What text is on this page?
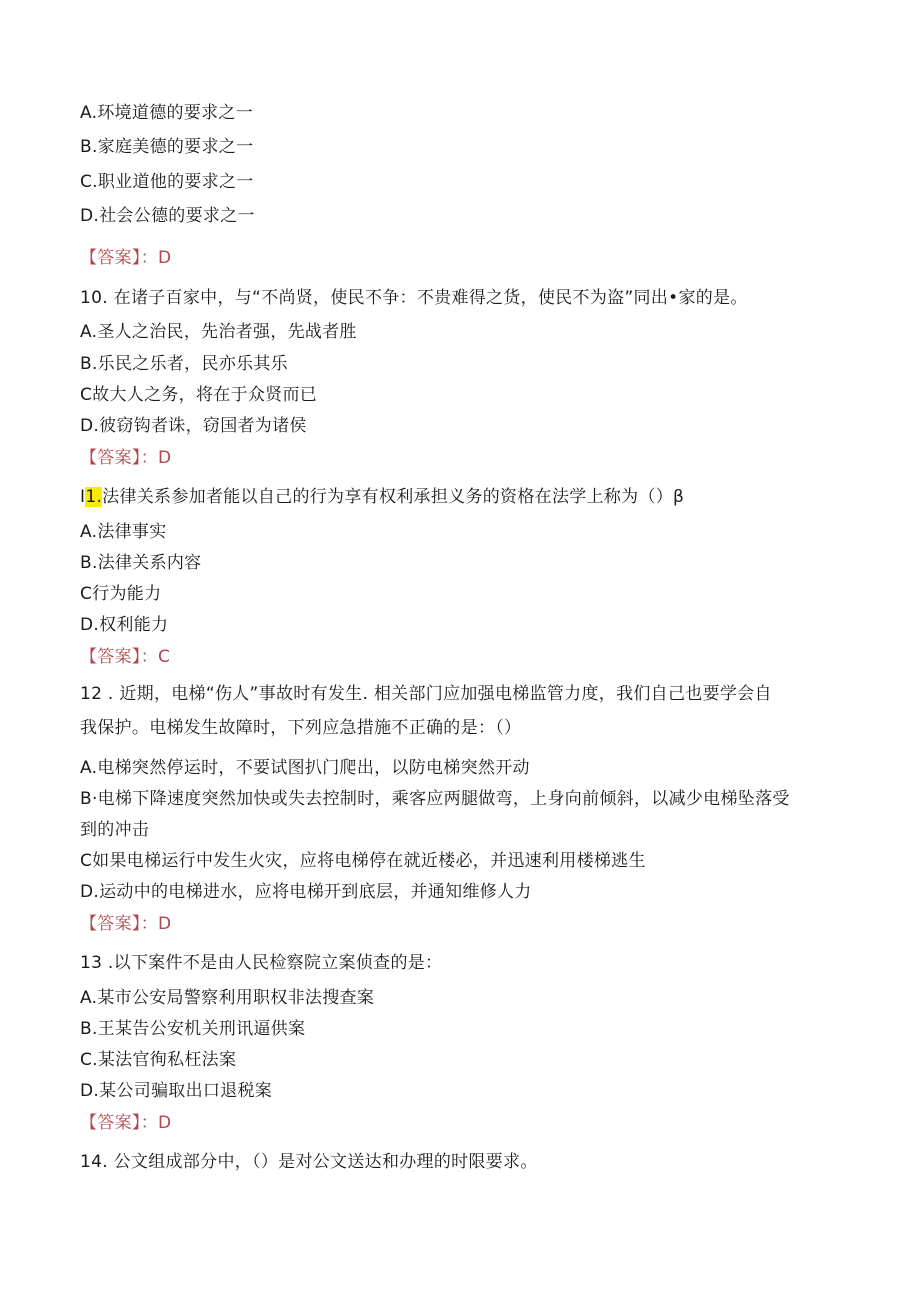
A.环境道德的要求之一
B.家庭美德的要求之一
C.职业道他的要求之一
D.社会公德的要求之一
【答案】：D
10. 在诸子百家中，与“不尚贤，使民不争：不贵难得之货，使民不为盗”同出•家的是。
A.圣人之治民，先治者强，先战者胜
B.乐民之乐者，民亦乐其乐
C故大人之务，将在于众贤而已
D.彼窃钩者诛，窃国者为诸侯
【答案】：D
I1.法律关系参加者能以自己的行为享有权利承担义务的资格在法学上称为（）β
A.法律事实
B.法律关系内容
C行为能力
D.权利能力
【答案】：C
12 . 近期，电梯“伤人”事故时有发生. 相关部门应加强电梯监管力度，我们自己也要学会自
我保护。电梯发生故障时，下列应急措施不正确的是：（）
A.电梯突然停运时，不要试图扒门爬出，以防电梯突然开动
B·电梯下降速度突然加快或失去控制时，乘客应两腿做弯，上身向前倾斜，以减少电梯坠落受
到的冲击
C如果电梯运行中发生火灾，应将电梯停在就近楼必，并迅速利用楼梯逃生
D.运动中的电梯进水，应将电梯开到底层，并通知维修人力
【答案】：D
13 .以下案件不是由人民检察院立案侦查的是：
A.某市公安局警察利用职权非法搜查案
B.王某告公安机关刑讯逼供案
C.某法官徇私枉法案
D.某公司骗取出口退税案
【答案】：D
14. 公文组成部分中，（）是对公文送达和办理的时限要求。
